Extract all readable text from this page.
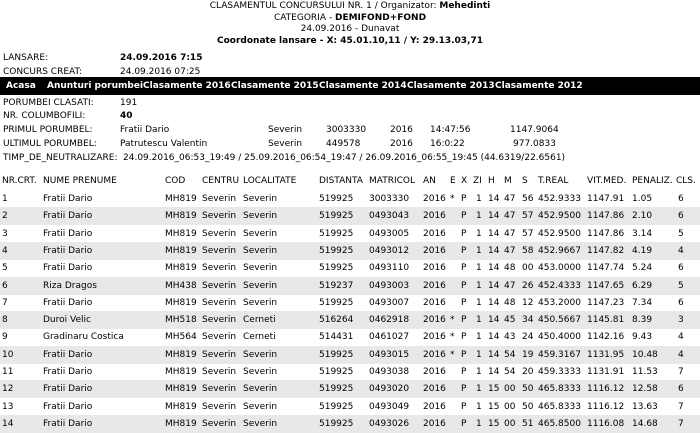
CLASAMENTUL CONCURSULUI NR. 1 / Organizator: Mehedinti
CATEGORIA - DEMIFOND+FOND
24.09.2016 - Dunavat
Coordonate lansare - X: 45.01.10,11 / Y: 29.13.03,71
LANSARE:	24.09.2016 7:15
CONCURS CREAT:	24.09.2016 07:25
Acasa Anunturi porumbei Clasamente 2016 Clasamente 2015 Clasamente 2014 Clasamente 2013 Clasamente 2012
PORUMBEI CLASATI:	191
NR. COLUMBOFILI:	40
PRIMUL PORUMBEL:	Fratii Dario	Severin	3003330	2016 14:47:56	1147.9064
ULTIMUL PORUMBEL:	Patrutescu Valentin	Severin	449578	2016 16:0:22	977.0833
TIMP_DE_NEUTRALIZARE: 24.09.2016_06:53_19:49 / 25.09.2016_06:54_19:47 / 26.09.2016_06:55_19:45 (44.6319/22.6561)
NR.CRT. NUME PRENUME	COD CENTRU LOCALITATE	DISTANTA MATRICOL AN E X ZI H M S T.REAL VIT.MED. PENALIZ. CLS.
1	Fratii Dario	MH819 Severin Severin	519925 3003330 2016 * P 1 14 47 56 452.9333 1147.91 1.05	6
2	Fratii Dario	MH819 Severin Severin	519925 0493043 2016 P 1 14 47 57 452.9500 1147.86 2.10	6
3	Fratii Dario	MH819 Severin Severin	519925 0493005 2016 P 1 14 47 57 452.9500 1147.86 3.14	5
4	Fratii Dario	MH819 Severin Severin	519925 0493012 2016 P 1 14 47 58 452.9667 1147.82 4.19	4
5	Fratii Dario	MH819 Severin Severin	519925 0493110 2016 P 1 14 48 00 453.0000 1147.74 5.24	6
6	Riza Dragos	MH438 Severin Severin	519237 0493003 2016 P 1 14 47 26 452.4333 1147.65 6.29	5
7	Fratii Dario	MH819 Severin Severin	519925 0493007 2016 P 1 14 48 12 453.2000 1147.23 7.34	6
8	Duroi Velic	MH518 Severin Cerneti	516264 0462918 2016 * P 1 14 45 34 450.5667 1145.81 8.39	3
9	Gradinaru Costica	MH564 Severin Cerneti	514431 0461027 2016 * P 1 14 43 24 450.4000 1142.16 9.43	4
10	Fratii Dario	MH819 Severin Severin	519925 0493015 2016 * P 1 14 54 19 459.3167 1131.95 10.48 4
11	Fratii Dario	MH819 Severin Severin	519925 0493038 2016 P 1 14 54 20 459.3333 1131.91 11.53 7
12	Fratii Dario	MH819 Severin Severin	519925 0493020 2016 P 1 15 00 50 465.8333 1116.12 12.58 6
13	Fratii Dario	MH819 Severin Severin	519925 0493049 2016 P 1 15 00 50 465.8333 1116.12 13.63 7
14	Fratii Dario	MH819 Severin Severin	519925 0493026 2016 P 1 15 00 51 465.8500 1116.08 14.68 7
